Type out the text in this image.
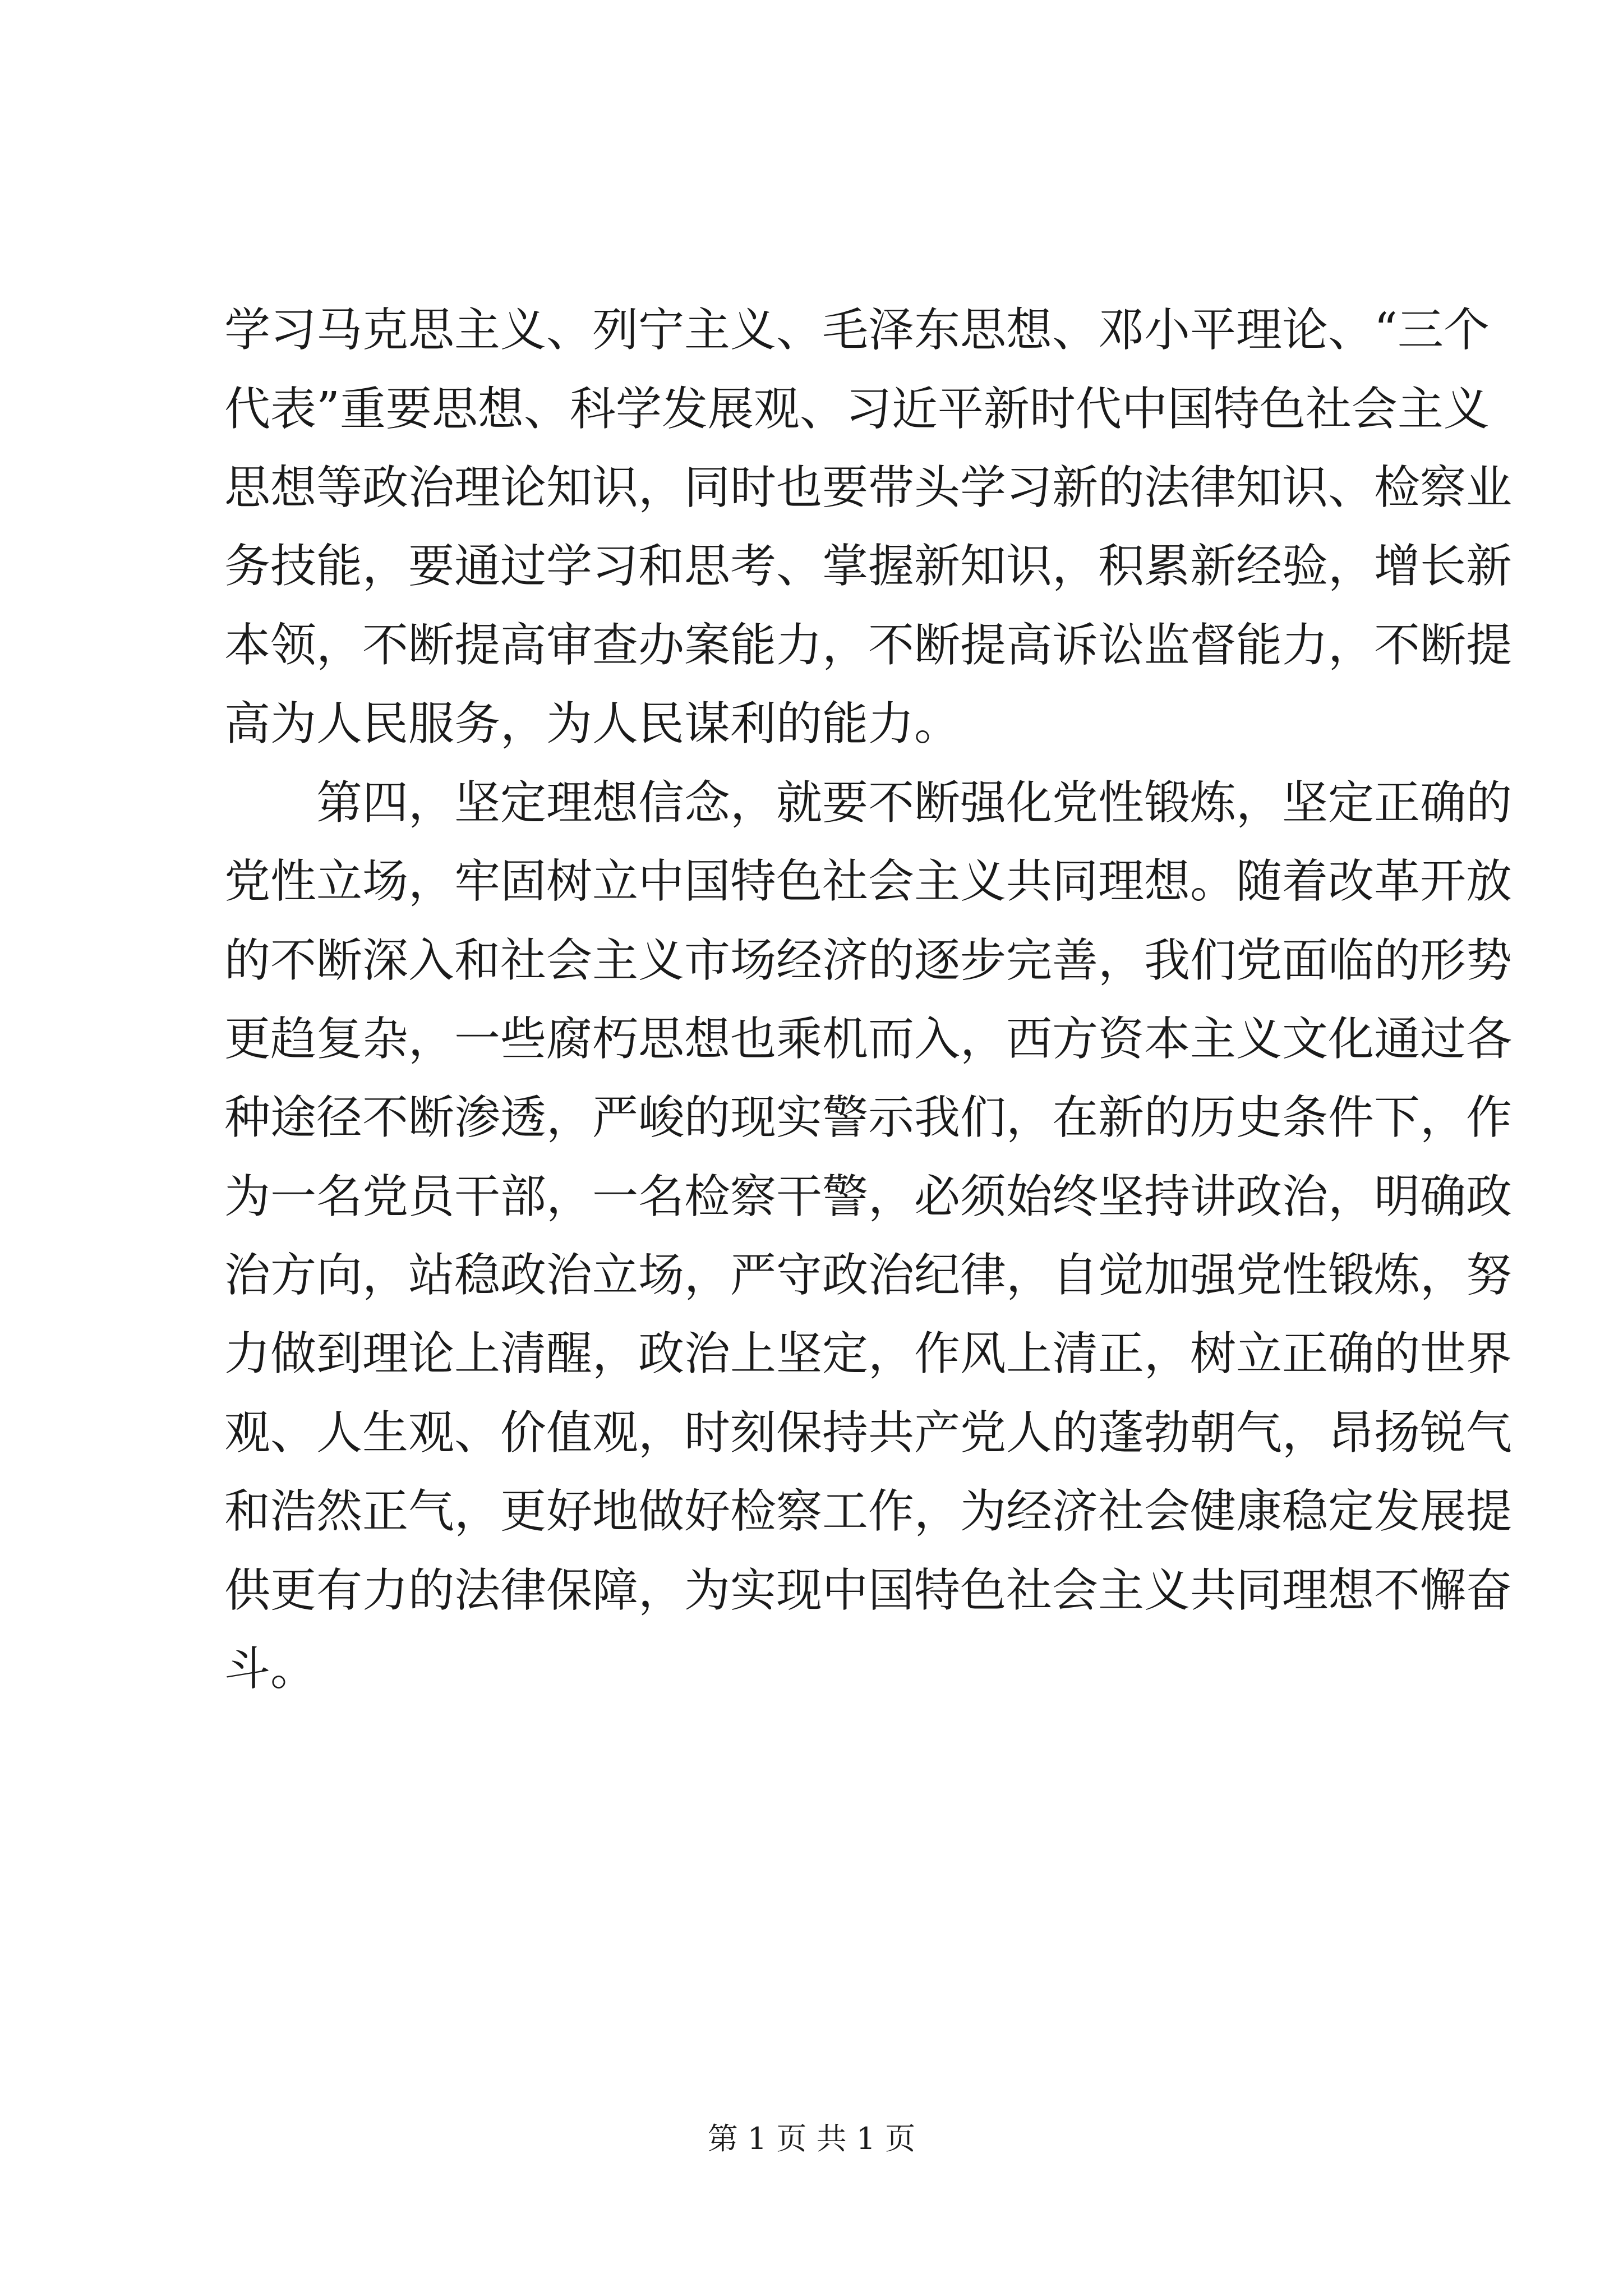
学习马克思主义、列宁主义、毛泽东思想、邓小平理论、“三个
代表”重要思想、科学发展观、习近平新时代中国特色社会主义
思想等政治理论知识，同时也要带头学习新的法律知识、检察业
务技能，要通过学习和思考、掌握新知识，积累新经验，增长新
本领，不断提高审查办案能力，不断提高诉讼监督能力，不断提
高为人民服务，为人民谋利的能力。
第四，坚定理想信念，就要不断强化党性锻炼，坚定正确的
党性立场，牢固树立中国特色社会主义共同理想。随着改革开放
的不断深入和社会主义市场经济的逐步完善，我们党面临的形势
更趋复杂，一些腐朽思想也乘机而入，西方资本主义文化通过各
种途径不断渗透，严峻的现实警示我们，在新的历史条件下，作
为一名党员干部，一名检察干警，必须始终坚持讲政治，明确政
治方向，站稳政治立场，严守政治纪律，自觉加强党性锻炼，努
力做到理论上清醒，政治上坚定，作风上清正，树立正确的世界
观、人生观、价值观，时刻保持共产党人的蓬勃朝气，昂扬锐气
和浩然正气，更好地做好检察工作，为经济社会健康稳定发展提
供更有力的法律保障，为实现中国特色社会主义共同理想不懈奋
斗。
第 1 页 共 1 页
